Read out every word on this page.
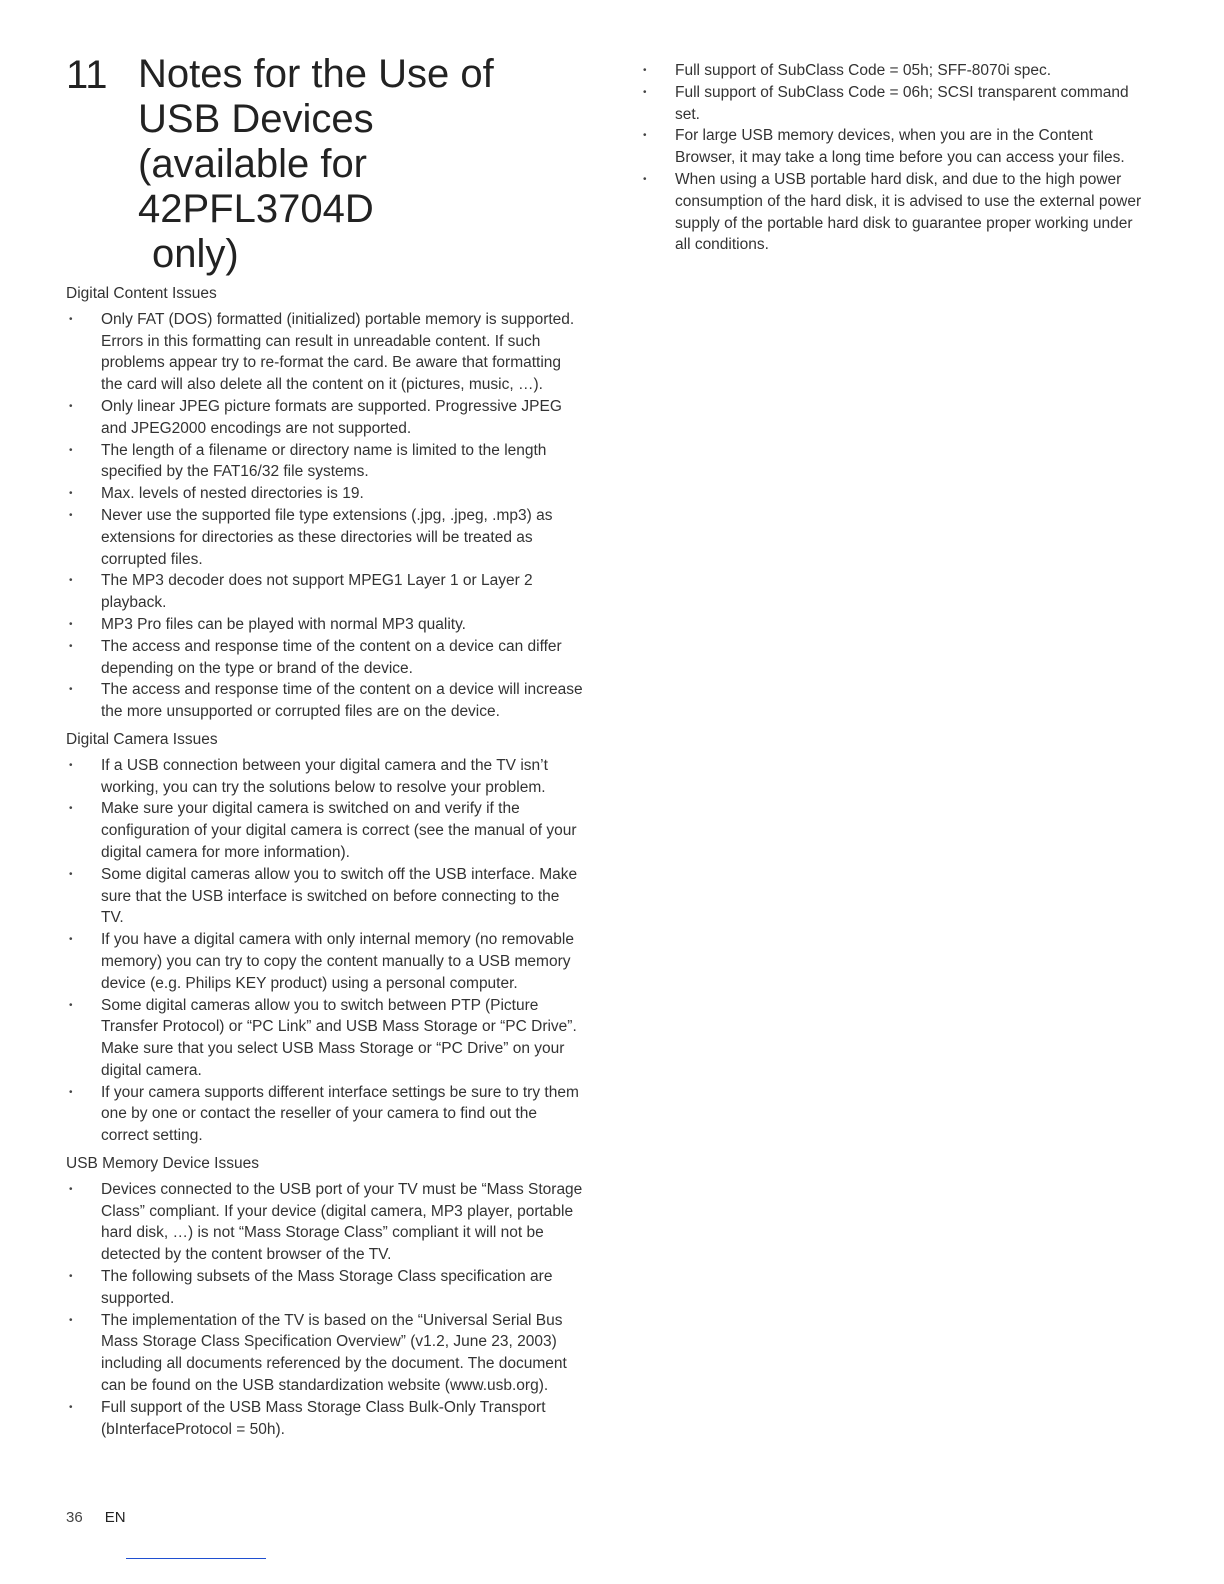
11 Notes for the Use of
USB Devices
(available for 42PFL3704D
only)
Digital Content Issues
• Only FAT (DOS) formatted (initialized) portable memory is supported. Errors in this formatting can result in unreadable content. If such problems appear try to re-format the card. Be aware that formatting the card will also delete all the content on it (pictures, music, …).
• Only linear JPEG picture formats are supported. Progressive JPEG and JPEG2000 encodings are not supported.
• The length of a filename or directory name is limited to the length specified by the FAT16/32 file systems.
• Max. levels of nested directories is 19.
• Never use the supported file type extensions (.jpg, .jpeg, .mp3) as extensions for directories as these directories will be treated as corrupted files.
• The MP3 decoder does not support MPEG1 Layer 1 or Layer 2 playback.
• MP3 Pro files can be played with normal MP3 quality.
• The access and response time of the content on a device can differ depending on the type or brand of the device.
• The access and response time of the content on a device will increase the more unsupported or corrupted files are on the device.
Digital Camera Issues
• If a USB connection between your digital camera and the TV isn’t working, you can try the solutions below to resolve your problem.
• Make sure your digital camera is switched on and verify if the configuration of your digital camera is correct (see the manual of your digital camera for more information).
• Some digital cameras allow you to switch off the USB interface. Make sure that the USB interface is switched on before connecting to the TV.
• If you have a digital camera with only internal memory (no removable memory) you can try to copy the content manually to a USB memory device (e.g. Philips KEY product) using a personal computer.
• Some digital cameras allow you to switch between PTP (Picture Transfer Protocol) or “PC Link” and USB Mass Storage or “PC Drive”. Make sure that you select USB Mass Storage or “PC Drive” on your digital camera.
• If your camera supports different interface settings be sure to try them one by one or contact the reseller of your camera to find out the correct setting.
USB Memory Device Issues
• Devices connected to the USB port of your TV must be “Mass Storage Class” compliant. If your device (digital camera, MP3 player, portable hard disk, …) is not “Mass Storage Class” compliant it will not be detected by the content browser of the TV.
• The following subsets of the Mass Storage Class specification are supported.
• The implementation of the TV is based on the “Universal Serial Bus Mass Storage Class Specification Overview” (v1.2, June 23, 2003) including all documents referenced by the document. The document can be found on the USB standardization website (www.usb.org).
• Full support of the USB Mass Storage Class Bulk-Only Transport (bInterfaceProtocol = 50h).
• Full support of SubClass Code = 05h; SFF-8070i spec.
• Full support of SubClass Code = 06h; SCSI transparent command set.
• For large USB memory devices, when you are in the Content Browser, it may take a long time before you can access your files.
• When using a USB portable hard disk, and due to the high power consumption of the hard disk, it is advised to use the external power supply of the portable hard disk to guarantee proper working under all conditions.
36 EN
